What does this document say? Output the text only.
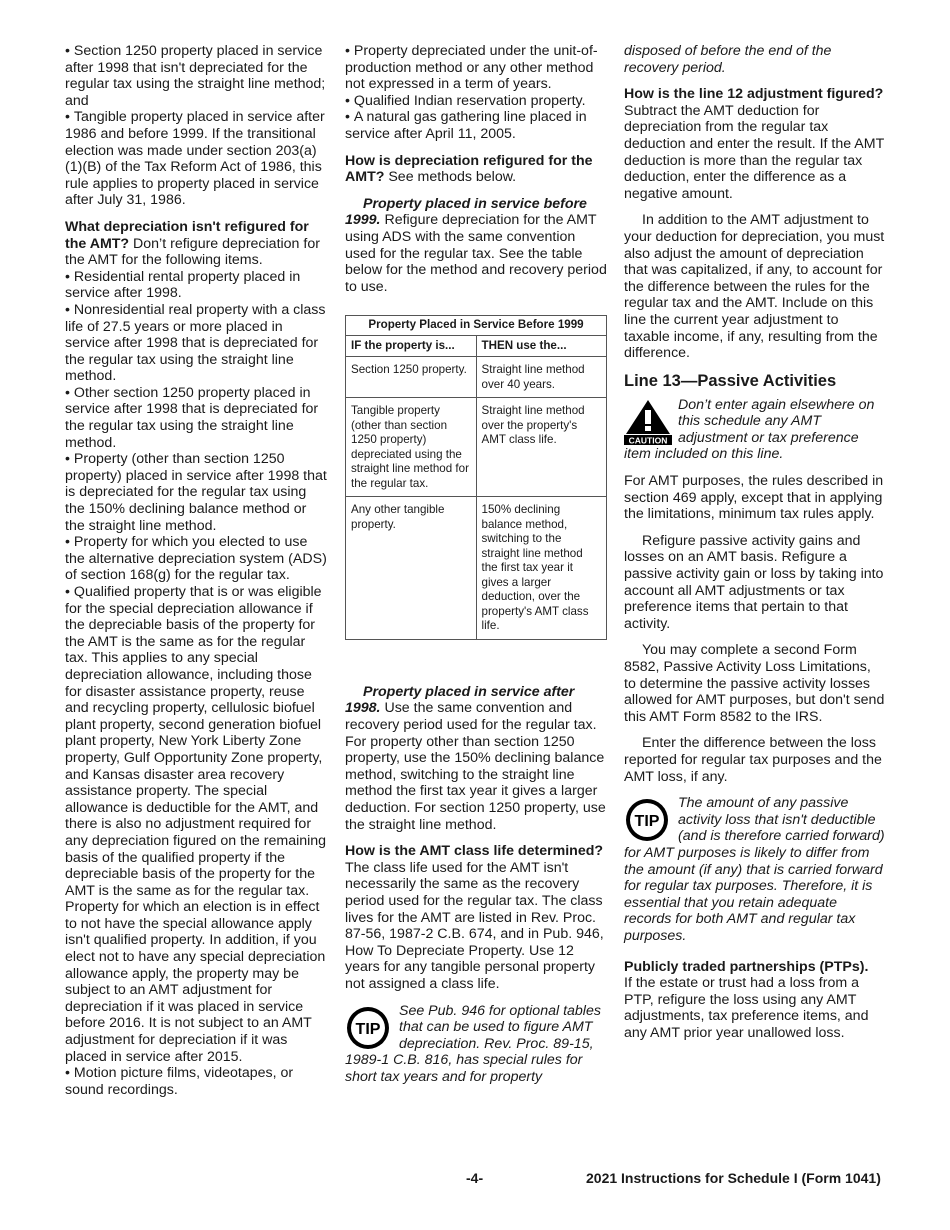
• Section 1250 property placed in service after 1998 that isn't depreciated for the regular tax using the straight line method; and

• Tangible property placed in service after 1986 and before 1999. If the transitional election was made under section 203(a)(1)(B) of the Tax Reform Act of 1986, this rule applies to property placed in service after July 31, 1986.

What depreciation isn't refigured for the AMT? Don’t refigure depreciation for the AMT for the following items.

• Residential rental property placed in service after 1998.

• Nonresidential real property with a class life of 27.5 years or more placed in service after 1998 that is depreciated for the regular tax using the straight line method.

• Other section 1250 property placed in service after 1998 that is depreciated for the regular tax using the straight line method.

• Property (other than section 1250 property) placed in service after 1998 that is depreciated for the regular tax using the 150% declining balance method or the straight line method.

• Property for which you elected to use the alternative depreciation system (ADS) of section 168(g) for the regular tax.

• Qualified property that is or was eligible for the special depreciation allowance if the depreciable basis of the property for the AMT is the same as for the regular tax. This applies to any special depreciation allowance, including those for disaster assistance property, reuse and recycling property, cellulosic biofuel plant property, second generation biofuel plant property, New York Liberty Zone property, Gulf Opportunity Zone property, and Kansas disaster area recovery assistance property. The special allowance is deductible for the AMT, and there is also no adjustment required for any depreciation figured on the remaining basis of the qualified property if the depreciable basis of the property for the AMT is the same as for the regular tax. Property for which an election is in effect to not have the special allowance apply isn't qualified property. In addition, if you elect not to have any special depreciation allowance apply, the property may be subject to an AMT adjustment for depreciation if it was placed in service before 2016. It is not subject to an AMT adjustment for depreciation if it was placed in service after 2015.

• Motion picture films, videotapes, or sound recordings.

• Property depreciated under the unit-of-production method or any other method not expressed in a term of years.

• Qualified Indian reservation property.

• A natural gas gathering line placed in service after April 11, 2005.

How is depreciation refigured for the AMT? See methods below.

Property placed in service before 1999. Refigure depreciation for the AMT using ADS with the same convention used for the regular tax. See the table below for the method and recovery period to use.

Property Placed in Service Before 1999	
IF the property is...	THEN use the...
Section 1250 property.	Straight line method over 40 years.
Tangible property (other than section 1250 property) depreciated using the straight line method for the regular tax.	Straight line method over the property's AMT class life.
Any other tangible property.	150% declining balance method, switching to the straight line method the first tax year it gives a larger deduction, over the property's AMT class life.

Property placed in service after 1998. Use the same convention and recovery period used for the regular tax. For property other than section 1250 property, use the 150% declining balance method, switching to the straight line method the first tax year it gives a larger deduction. For section 1250 property, use the straight line method.

How is the AMT class life determined? The class life used for the AMT isn't necessarily the same as the recovery period used for the regular tax. The class lives for the AMT are listed in Rev. Proc. 87-56, 1987-2 C.B. 674, and in Pub. 946, How To Depreciate Property. Use 12 years for any tangible personal property not assigned a class life.

TIP

See Pub. 946 for optional tables that can be used to figure AMT depreciation. Rev. Proc. 89-15, 1989-1 C.B. 816, has special rules for short tax years and for property

disposed of before the end of the recovery period.

How is the line 12 adjustment figured? Subtract the AMT deduction for depreciation from the regular tax deduction and enter the result. If the AMT deduction is more than the regular tax deduction, enter the difference as a negative amount.

In addition to the AMT adjustment to your deduction for depreciation, you must also adjust the amount of depreciation that was capitalized, if any, to account for the difference between the rules for the regular tax and the AMT. Include on this line the current year adjustment to taxable income, if any, resulting from the difference.

Line 13—Passive Activities
CAUTION

Don’t enter again elsewhere on this schedule any AMT adjustment or tax preference item included on this line.

For AMT purposes, the rules described in section 469 apply, except that in applying the limitations, minimum tax rules apply.

Refigure passive activity gains and losses on an AMT basis. Refigure a passive activity gain or loss by taking into account all AMT adjustments or tax preference items that pertain to that activity.

You may complete a second Form 8582, Passive Activity Loss Limitations, to determine the passive activity losses allowed for AMT purposes, but don't send this AMT Form 8582 to the IRS.

Enter the difference between the loss reported for regular tax purposes and the AMT loss, if any.

TIP

The amount of any passive activity loss that isn't deductible (and is therefore carried forward) for AMT purposes is likely to differ from the amount (if any) that is carried forward for regular tax purposes. Therefore, it is essential that you retain adequate records for both AMT and regular tax purposes.

Publicly traded partnerships (PTPs).

If the estate or trust had a loss from a PTP, refigure the loss using any AMT adjustments, tax preference items, and any AMT prior year unallowed loss.

-4-	2021 Instructions for Schedule I (Form 1041)
